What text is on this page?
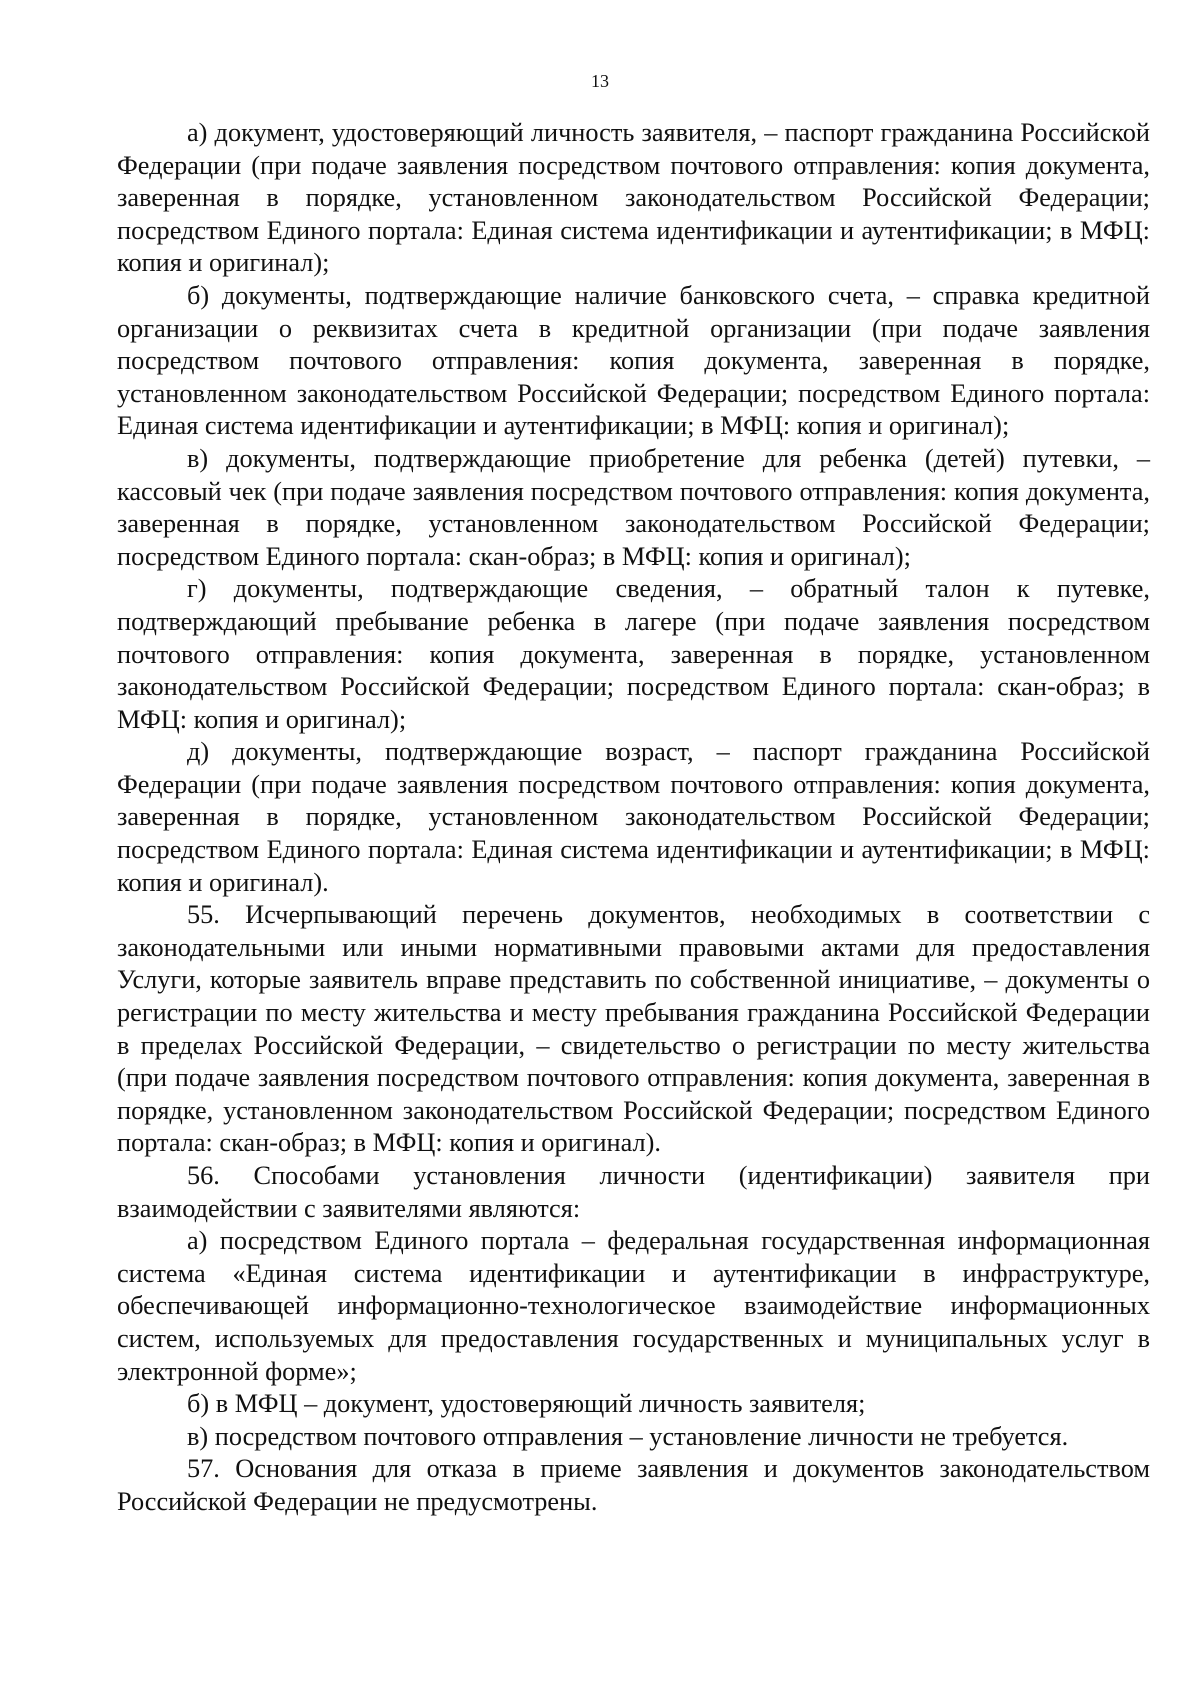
13

а) документ, удостоверяющий личность заявителя, – паспорт гражданина Российской Федерации (при подаче заявления посредством почтового отправления: копия документа, заверенная в порядке, установленном законодательством Российской Федерации; посредством Единого портала: Единая система идентификации и аутентификации; в МФЦ: копия и оригинал);

б) документы, подтверждающие наличие банковского счета, – справка кредитной организации о реквизитах счета в кредитной организации (при подаче заявления посредством почтового отправления: копия документа, заверенная в порядке, установленном законодательством Российской Федерации; посредством Единого портала: Единая система идентификации и аутентификации; в МФЦ: копия и оригинал);

в) документы, подтверждающие приобретение для ребенка (детей) путевки, – кассовый чек (при подаче заявления посредством почтового отправления: копия документа, заверенная в порядке, установленном законодательством Российской Федерации; посредством Единого портала: скан-образ; в МФЦ: копия и оригинал);

г) документы, подтверждающие сведения, – обратный талон к путевке, подтверждающий пребывание ребенка в лагере (при подаче заявления посредством почтового отправления: копия документа, заверенная в порядке, установленном законодательством Российской Федерации; посредством Единого портала: скан-образ; в МФЦ: копия и оригинал);

д) документы, подтверждающие возраст, – паспорт гражданина Российской Федерации (при подаче заявления посредством почтового отправления: копия документа, заверенная в порядке, установленном законодательством Российской Федерации; посредством Единого портала: Единая система идентификации и аутентификации; в МФЦ: копия и оригинал).

55. Исчерпывающий перечень документов, необходимых в соответствии с законодательными или иными нормативными правовыми актами для предоставления Услуги, которые заявитель вправе представить по собственной инициативе, – документы о регистрации по месту жительства и месту пребывания гражданина Российской Федерации в пределах Российской Федерации, – свидетельство о регистрации по месту жительства (при подаче заявления посредством почтового отправления: копия документа, заверенная в порядке, установленном законодательством Российской Федерации; посредством Единого портала: скан-образ; в МФЦ: копия и оригинал).

56. Способами установления личности (идентификации) заявителя при взаимодействии с заявителями являются:

а) посредством Единого портала – федеральная государственная информационная система «Единая система идентификации и аутентификации в инфраструктуре, обеспечивающей информационно-технологическое взаимодействие информационных систем, используемых для предоставления государственных и муниципальных услуг в электронной форме»;

б) в МФЦ – документ, удостоверяющий личность заявителя;

в) посредством почтового отправления – установление личности не требуется.

57. Основания для отказа в приеме заявления и документов законодательством Российской Федерации не предусмотрены.
